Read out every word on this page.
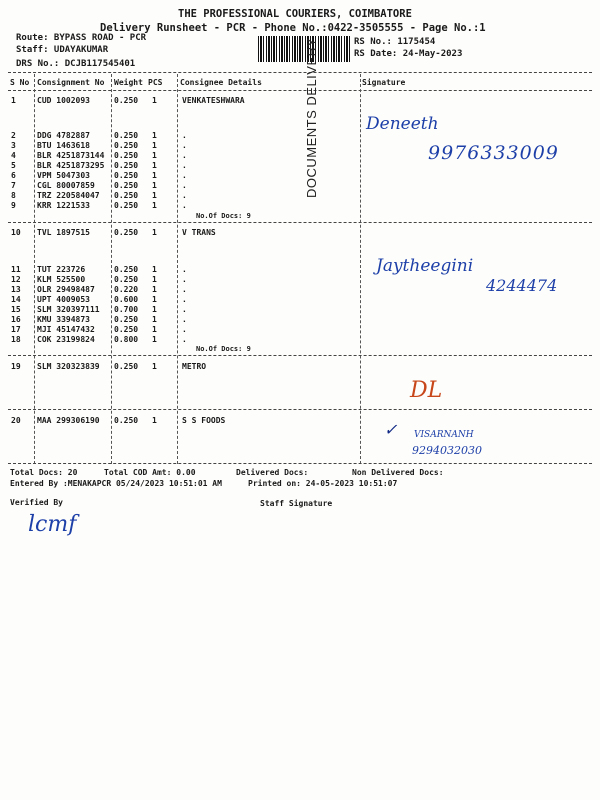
THE PROFESSIONAL COURIERS, COIMBATORE
Delivery Runsheet - PCR - Phone No.:0422-3505555 - Page No.:1
Route: BYPASS ROAD - PCR
Staff: UDAYAKUMAR
DRS No.: DCJB117545401
RS No.: 1175454
RS Date: 24-May-2023
S No Consignment No Weight PCS Consignee Details	Signature
1	CUD 1002093	0.250 1	VENKATESHWARA
2	DDG 4782887	0.250 1	.
3	BTU 1463618	0.250 1	.
4	BLR 4251873144 0.250 1	.
5	BLR 4251873295 0.250 1	.
6	VPM 5047303	0.250 1	.
7	CGL 80007859 0.250 1	.
8	TRZ 220584047 0.250 1	.
9	KRR 1221533	0.250 1	.
No.Of Docs: 9
10 TVL 1897515	0.250 1	V TRANS
11 TUT 223726	0.250 1	.
12 KLM 525500	0.250 1	.
13 OLR 29498487 0.220 1	.
14 UPT 4009053	0.600 1	.
15 SLM 320397111 0.700 1	.
16 KMU 3394873	0.250 1	.
17 MJI 45147432 0.250 1	.
18 COK 23199824 0.800 1	.
No.Of Docs: 9
19 SLM 320323839 0.250 1	METRO
20 MAA 299306190 0.250 1	S S FOODS
DOCUMENTS DELIVERY	Deneeth
9976333009
Jaytheegini
4244474
DL
✓ VISARNANH
9294032030
Total Docs: 20	Total COD Amt: 0.00	Delivered Docs:	Non Delivered Docs:
Entered By :MENAKAPCR 05/24/2023 10:51:01 AM	Printed on: 24-05-2023 10:51:07
Verified By	Staff Signature
lcmf
